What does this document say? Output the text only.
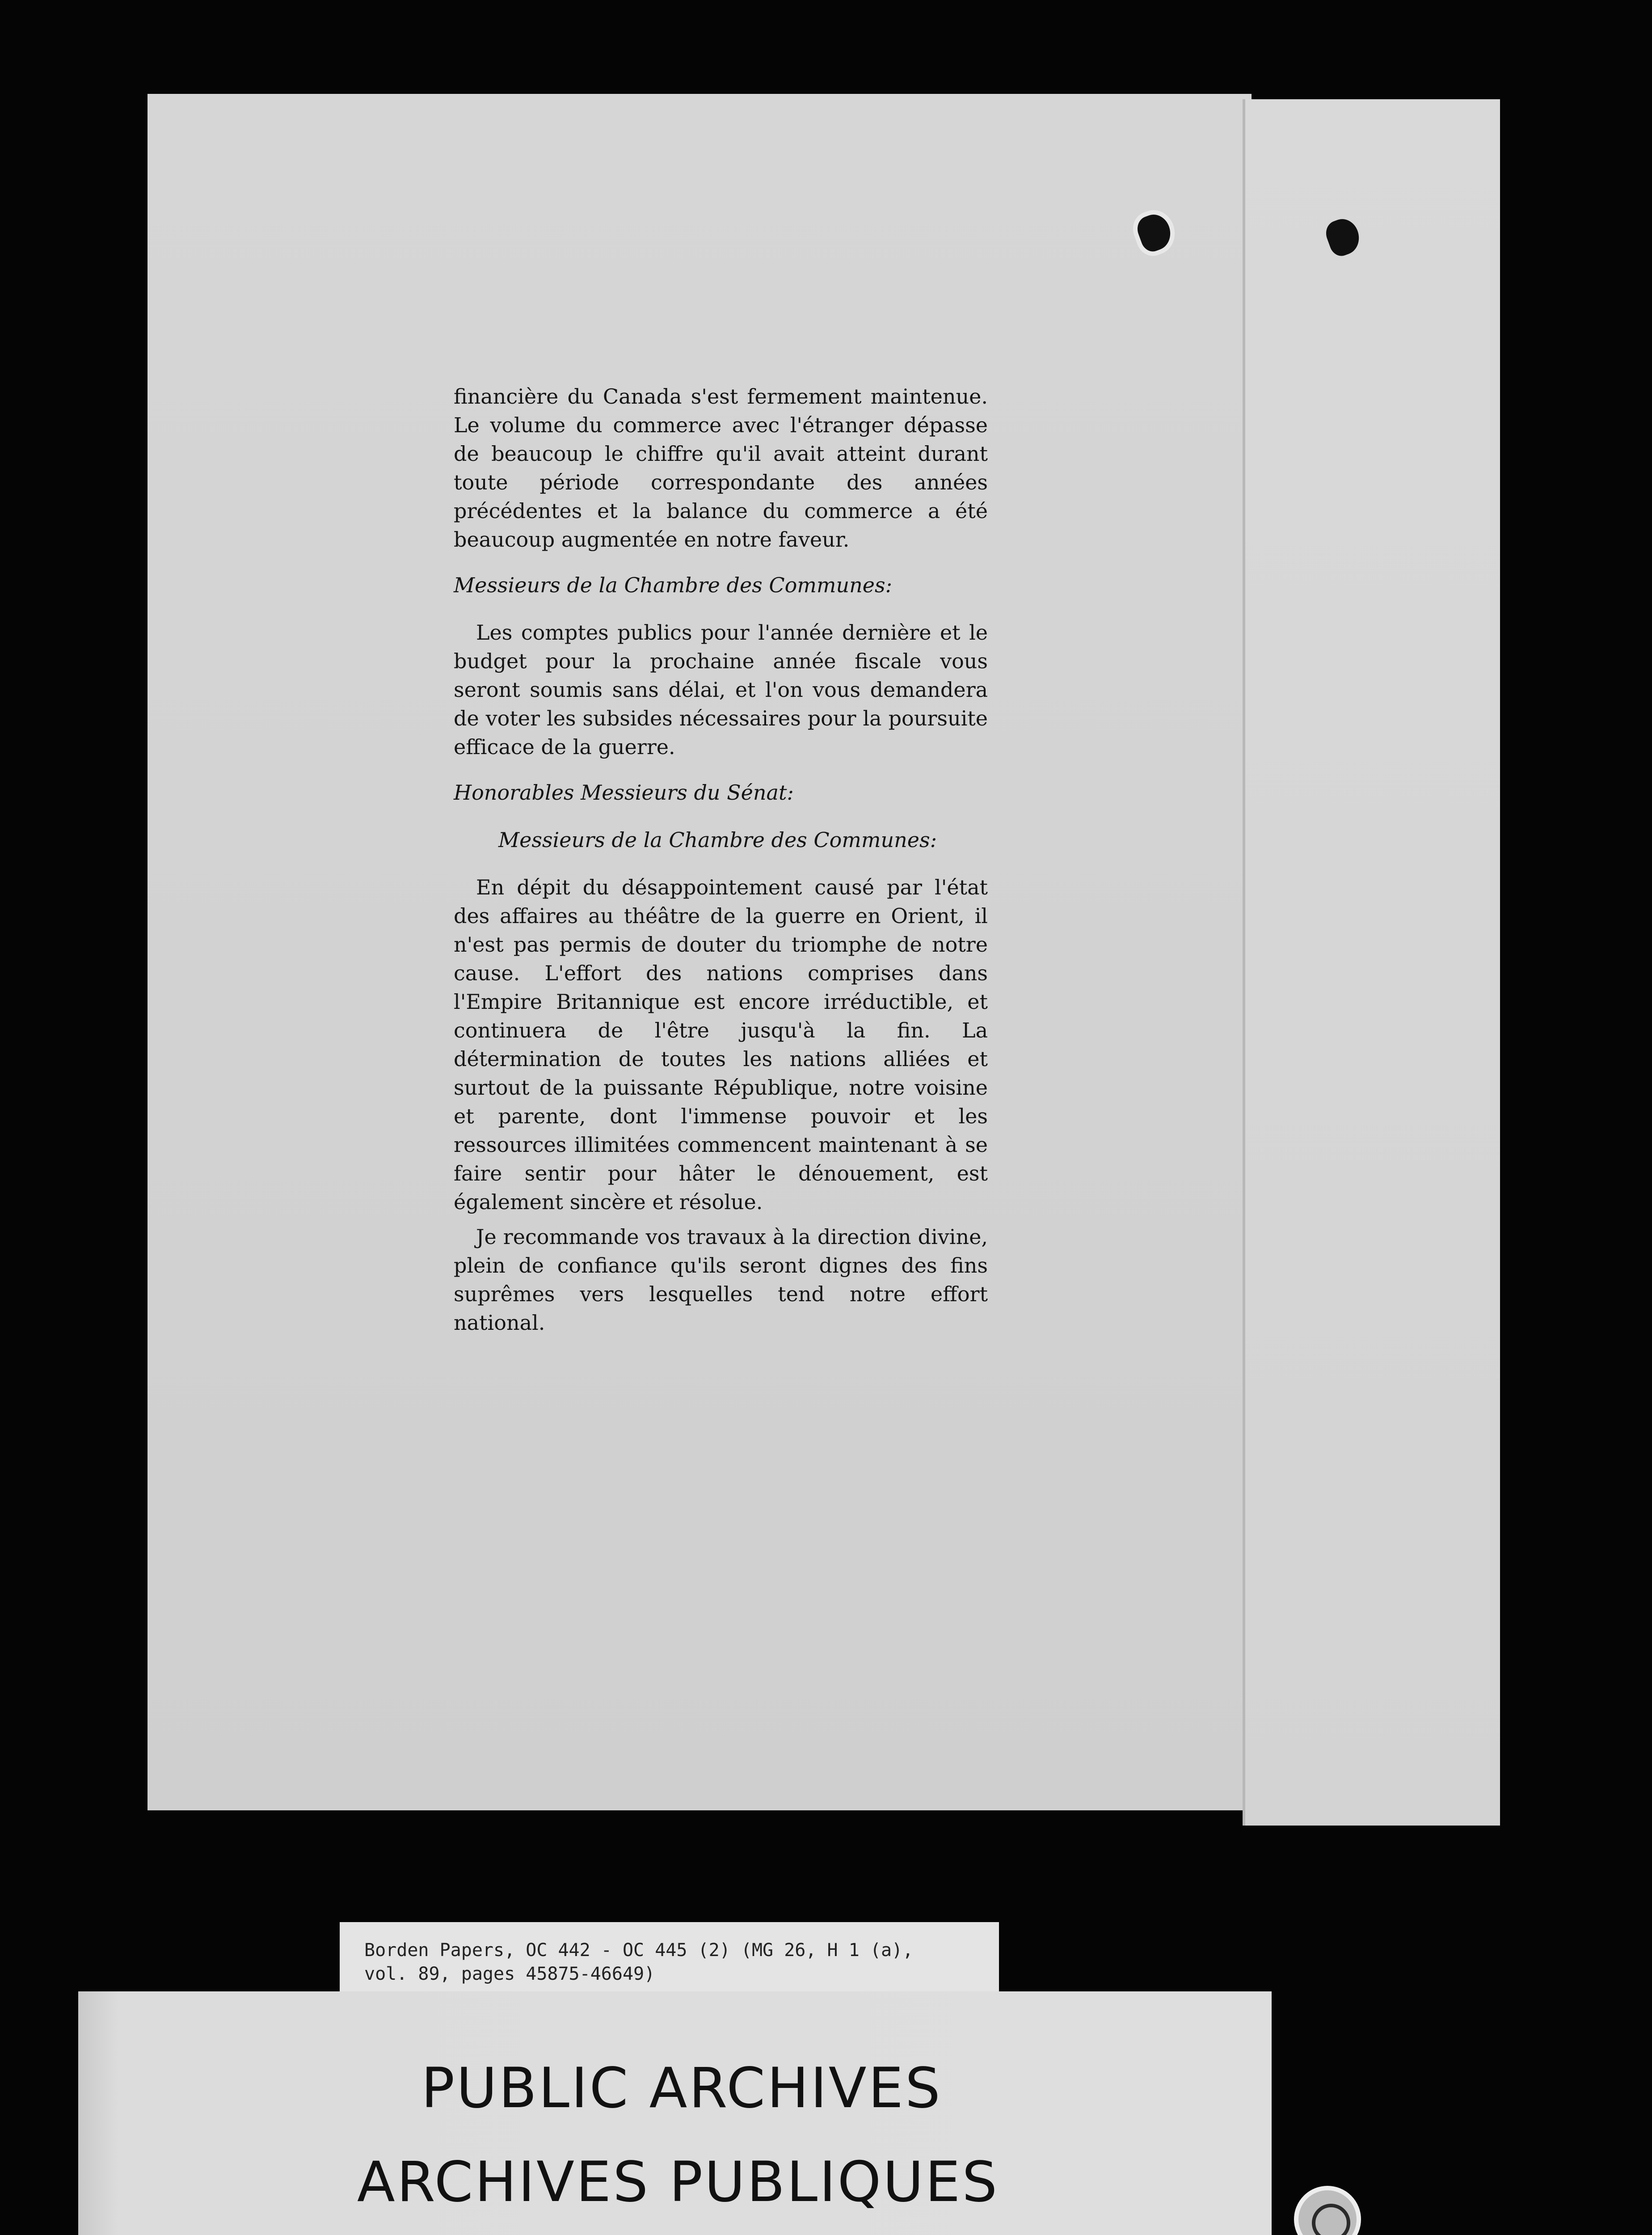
financière du Canada s'est fermement maintenue. Le volume du commerce avec l'étranger dépasse de beaucoup le chiffre qu'il avait atteint durant toute période correspondante des années précédentes et la balance du commerce a été beaucoup augmentée en notre faveur.

Messieurs de la Chambre des Communes:

Les comptes publics pour l'année dernière et le budget pour la prochaine année fiscale vous seront soumis sans délai, et l'on vous demandera de voter les subsides nécessaires pour la poursuite efficace de la guerre.

Honorables Messieurs du Sénat:

Messieurs de la Chambre des Communes:

En dépit du désappointement causé par l'état des affaires au théâtre de la guerre en Orient, il n'est pas permis de douter du triomphe de notre cause. L'effort des nations comprises dans l'Empire Britannique est encore irréductible, et continuera de l'être jusqu'à la fin. La détermination de toutes les nations alliées et surtout de la puissante République, notre voisine et parente, dont l'immense pouvoir et les ressources illimitées commencent maintenant à se faire sentir pour hâter le dénouement, est également sincère et résolue.

Je recommande vos travaux à la direction divine, plein de confiance qu'ils seront dignes des fins suprêmes vers lesquelles tend notre effort national.

Borden Papers, OC 442 - OC 445 (2) (MG 26, H 1 (a),
vol. 89, pages 45875-46649)
PUBLIC ARCHIVES
ARCHIVES PUBLIQUES
